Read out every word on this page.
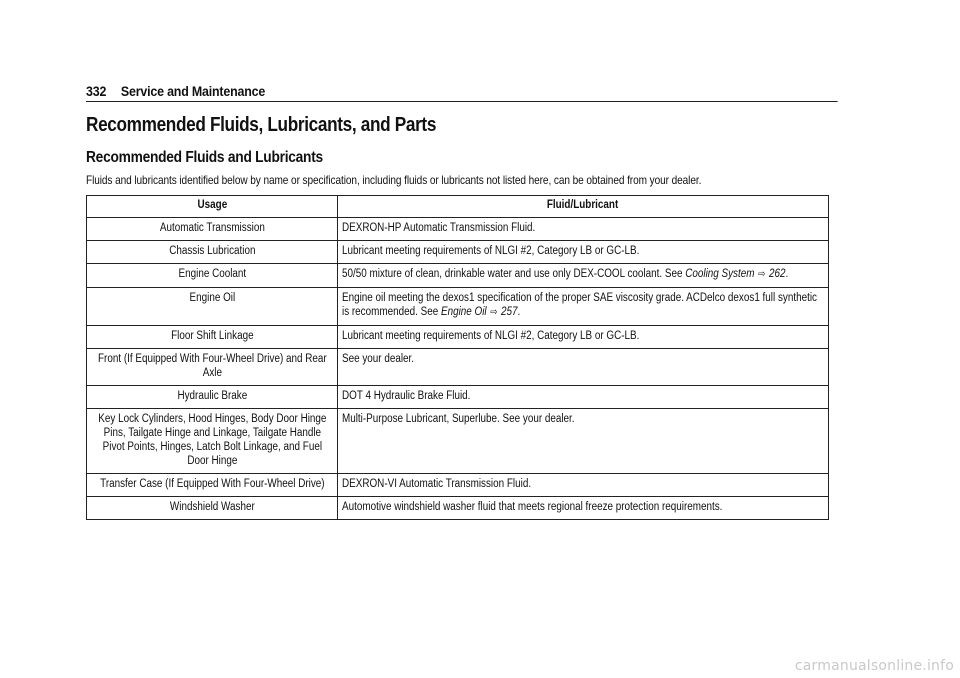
332 Service and Maintenance
Recommended Fluids, Lubricants, and Parts
Recommended Fluids and Lubricants

Fluids and lubricants identified below by name or specification, including fluids or lubricants not listed here, can be obtained from your dealer.

Usage	Fluid/Lubricant
Automatic Transmission	DEXRON-HP Automatic Transmission Fluid.
Chassis Lubrication	Lubricant meeting requirements of NLGI #2, Category LB or GC-LB.
Engine Coolant	50/50 mixture of clean, drinkable water and use only DEX-COOL coolant. See Cooling System ⇨ 262.
Engine Oil	Engine oil meeting the dexos1 specification of the proper SAE viscosity grade. ACDelco dexos1 full synthetic is recommended. See Engine Oil ⇨ 257.
Floor Shift Linkage	Lubricant meeting requirements of NLGI #2, Category LB or GC-LB.
Front (If Equipped With Four-Wheel Drive) and Rear Axle	See your dealer.
Hydraulic Brake	DOT 4 Hydraulic Brake Fluid.
Key Lock Cylinders, Hood Hinges, Body Door Hinge Pins, Tailgate Hinge and Linkage, Tailgate Handle Pivot Points, Hinges, Latch Bolt Linkage, and Fuel Door Hinge	Multi-Purpose Lubricant, Superlube. See your dealer.
Transfer Case (If Equipped With Four-Wheel Drive)	DEXRON-VI Automatic Transmission Fluid.
Windshield Washer	Automotive windshield washer fluid that meets regional freeze protection requirements.
carmanualsonline.info
